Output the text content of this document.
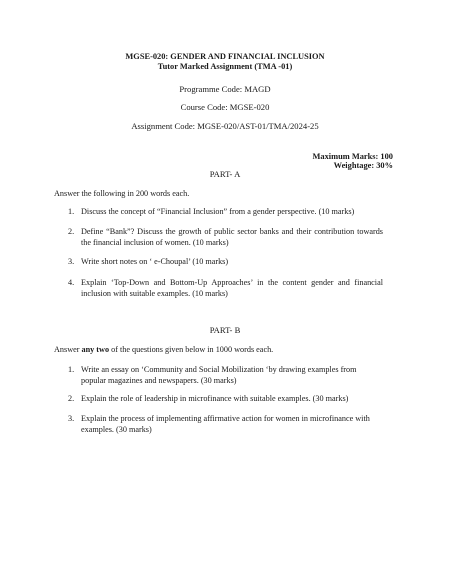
MGSE-020: GENDER AND FINANCIAL INCLUSION
Tutor Marked Assignment (TMA -01)
Programme Code: MAGD
Course Code: MGSE-020
Assignment Code: MGSE-020/AST-01/TMA/2024-25
Maximum Marks: 100
Weightage: 30%
PART- A
Answer the following in 200 words each.
1. Discuss the concept of “Financial Inclusion” from a gender perspective. (10 marks)
2. Define “Bank”? Discuss the growth of public sector banks and their contribution towards the financial inclusion of women. (10 marks)
3. Write short notes on ‘ e-Choupal’ (10 marks)
4. Explain ‘Top-Down and Bottom-Up Approaches’ in the content gender and financial inclusion with suitable examples. (10 marks)
PART- B
Answer any two of the questions given below in 1000 words each.
1. Write an essay on ‘Community and Social Mobilization ‘by drawing examples from popular magazines and newspapers. (30 marks)
2. Explain the role of leadership in microfinance with suitable examples. (30 marks)
3. Explain the process of implementing affirmative action for women in microfinance with examples. (30 marks)
